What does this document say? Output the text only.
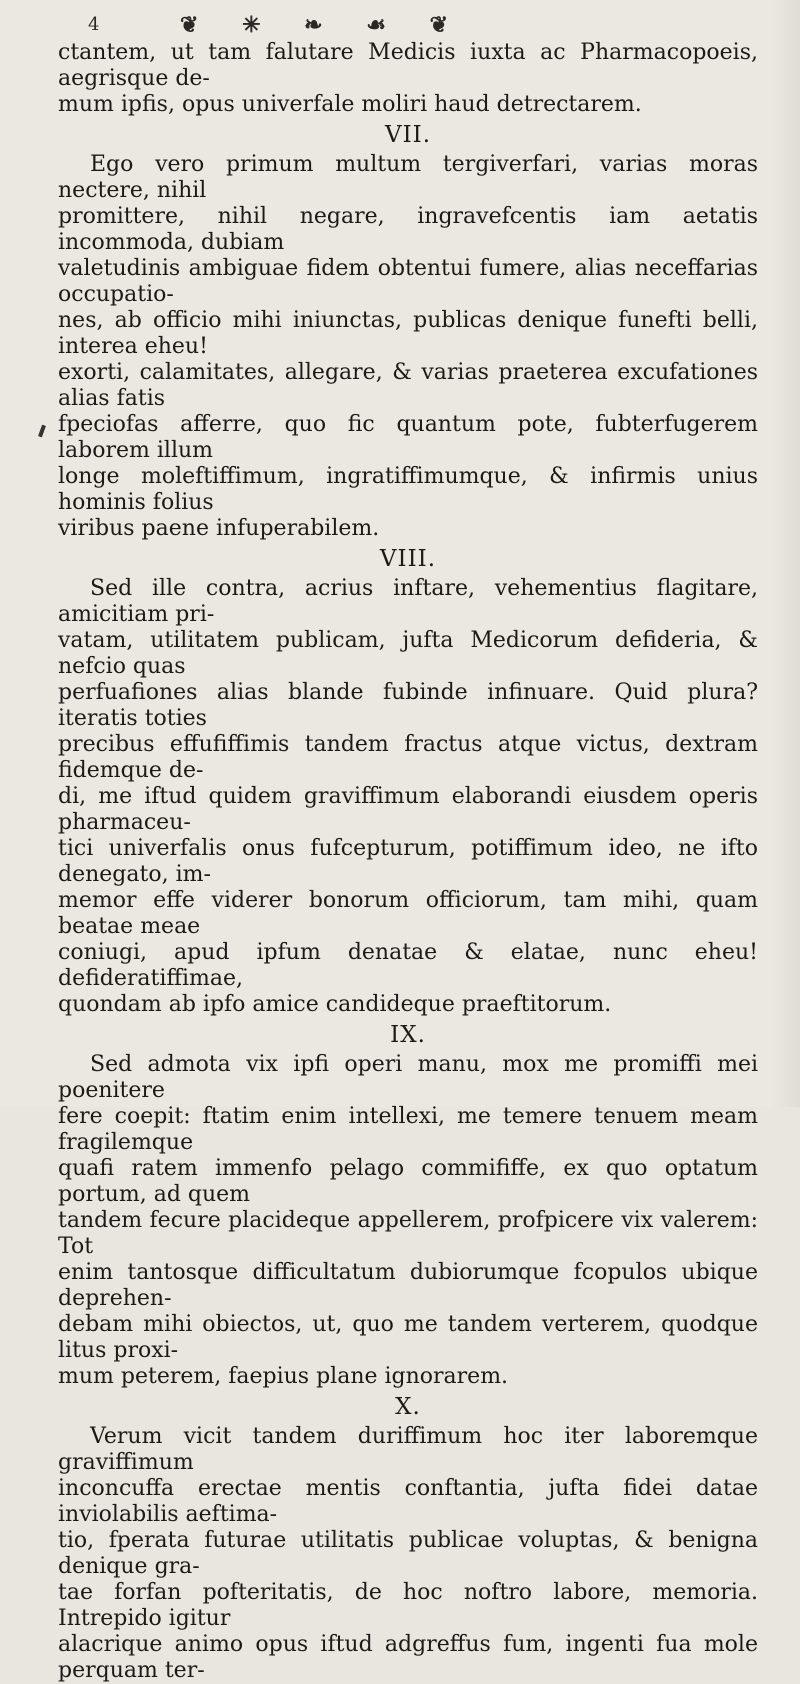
4	❦ ✳ ❧ ☙ ❦

ctantem, ut tam falutare Medicis iuxta ac Pharmacopoeis, aegrisque de-

mum ipfis, opus univerfale moliri haud detrectarem.

VII.

Ego vero primum multum tergiverfari, varias moras nectere, nihil

promittere, nihil negare, ingravefcentis iam aetatis incommoda, dubiam

valetudinis ambiguae fidem obtentui fumere, alias neceffarias occupatio-

nes, ab officio mihi iniunctas, publicas denique funefti belli, interea eheu!

exorti, calamitates, allegare, & varias praeterea excufationes alias fatis

fpeciofas afferre, quo fic quantum pote, fubterfugerem laborem illum

longe moleftiffimum, ingratiffimumque, & infirmis unius hominis folius

viribus paene infuperabilem.

VIII.

Sed ille contra, acrius inftare, vehementius flagitare, amicitiam pri-

vatam, utilitatem publicam, jufta Medicorum defideria, & nefcio quas

perfuafiones alias blande fubinde infinuare. Quid plura? iteratis toties

precibus effufiffimis tandem fractus atque victus, dextram fidemque de-

di, me iftud quidem graviffimum elaborandi eiusdem operis pharmaceu-

tici univerfalis onus fufcepturum, potiffimum ideo, ne ifto denegato, im-

memor effe viderer bonorum officiorum, tam mihi, quam beatae meae

coniugi, apud ipfum denatae & elatae, nunc eheu! defideratiffimae,

quondam ab ipfo amice candideque praeftitorum.

IX.

Sed admota vix ipfi operi manu, mox me promiffi mei poenitere

fere coepit: ftatim enim intellexi, me temere tenuem meam fragilemque

quafi ratem immenfo pelago commififfe, ex quo optatum portum, ad quem

tandem fecure placideque appellerem, profpicere vix valerem: Tot

enim tantosque difficultatum dubiorumque fcopulos ubique deprehen-

debam mihi obiectos, ut, quo me tandem verterem, quodque litus proxi-

mum peterem, faepius plane ignorarem.

X.

Verum vicit tandem duriffimum hoc iter laboremque graviffimum

inconcuffa erectae mentis conftantia, jufta fidei datae inviolabilis aeftima-

tio, fperata futurae utilitatis publicae voluptas, & benigna denique gra-

tae forfan pofteritatis, de hoc noftro labore, memoria. Intrepido igitur

alacrique animo opus iftud adgreffus fum, ingenti fua mole perquam ter-
